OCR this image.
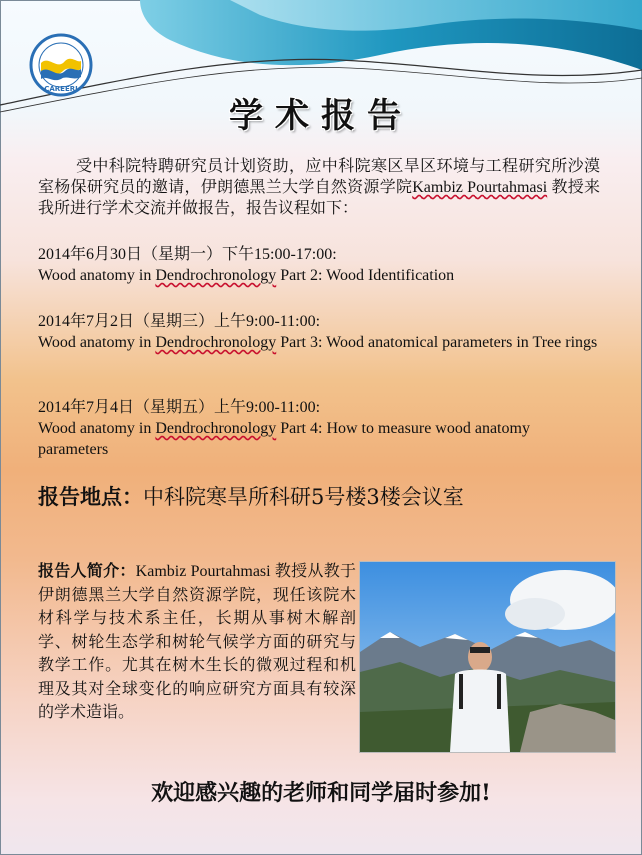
CAREERI
学术报告
受中科院特聘研究员计划资助，应中科院寒区旱区环境与工程研究所沙漠室杨保研究员的邀请，伊朗德黑兰大学自然资源学院Kambiz Pourtahmasi 教授来我所进行学术交流并做报告，报告议程如下：

2014年6月30日（星期一）下午15:00-17:00:

Wood anatomy in Dendrochronology Part 2: Wood Identification

2014年7月2日（星期三）上午9:00-11:00:

Wood anatomy in Dendrochronology Part 3: Wood anatomical parameters in Tree rings

2014年7月4日（星期五）上午9:00-11:00:

Wood anatomy in Dendrochronology Part 4: How to measure wood anatomy parameters

报告地点：中科院寒旱所科研5号楼3楼会议室
报告人简介：Kambiz Pourtahmasi 教授从教于伊朗德黑兰大学自然资源学院，现任该院木材科学与技术系主任，长期从事树木解剖学、树轮生态学和树轮气候学方面的研究与教学工作。尤其在树木生长的微观过程和机理及其对全球变化的响应研究方面具有较深的学术造诣。
欢迎感兴趣的老师和同学届时参加!
